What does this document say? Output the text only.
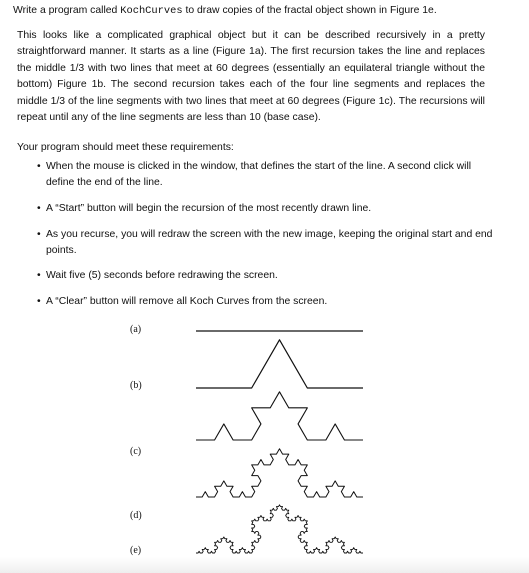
Write a program called KochCurves to draw copies of the fractal object shown in Figure 1e.
This looks like a complicated graphical object but it can be described recursively in a pretty straightforward manner. It starts as a line (Figure 1a). The first recursion takes the line and replaces the middle 1/3 with two lines that meet at 60 degrees (essentially an equilateral triangle without the bottom) Figure 1b. The second recursion takes each of the four line segments and replaces the middle 1/3 of the line segments with two lines that meet at 60 degrees (Figure 1c). The recursions will repeat until any of the line segments are less than 10 (base case).
Your program should meet these requirements:
• When the mouse is clicked in the window, that defines the start of the line. A second click will define the end of the line.
• A “Start” button will begin the recursion of the most recently drawn line.
• As you recurse, you will redraw the screen with the new image, keeping the original start and end points.
• Wait five (5) seconds before redrawing the screen.
• A “Clear” button will remove all Koch Curves from the screen.
(a)
(b)
(c)
(d)
(e)
